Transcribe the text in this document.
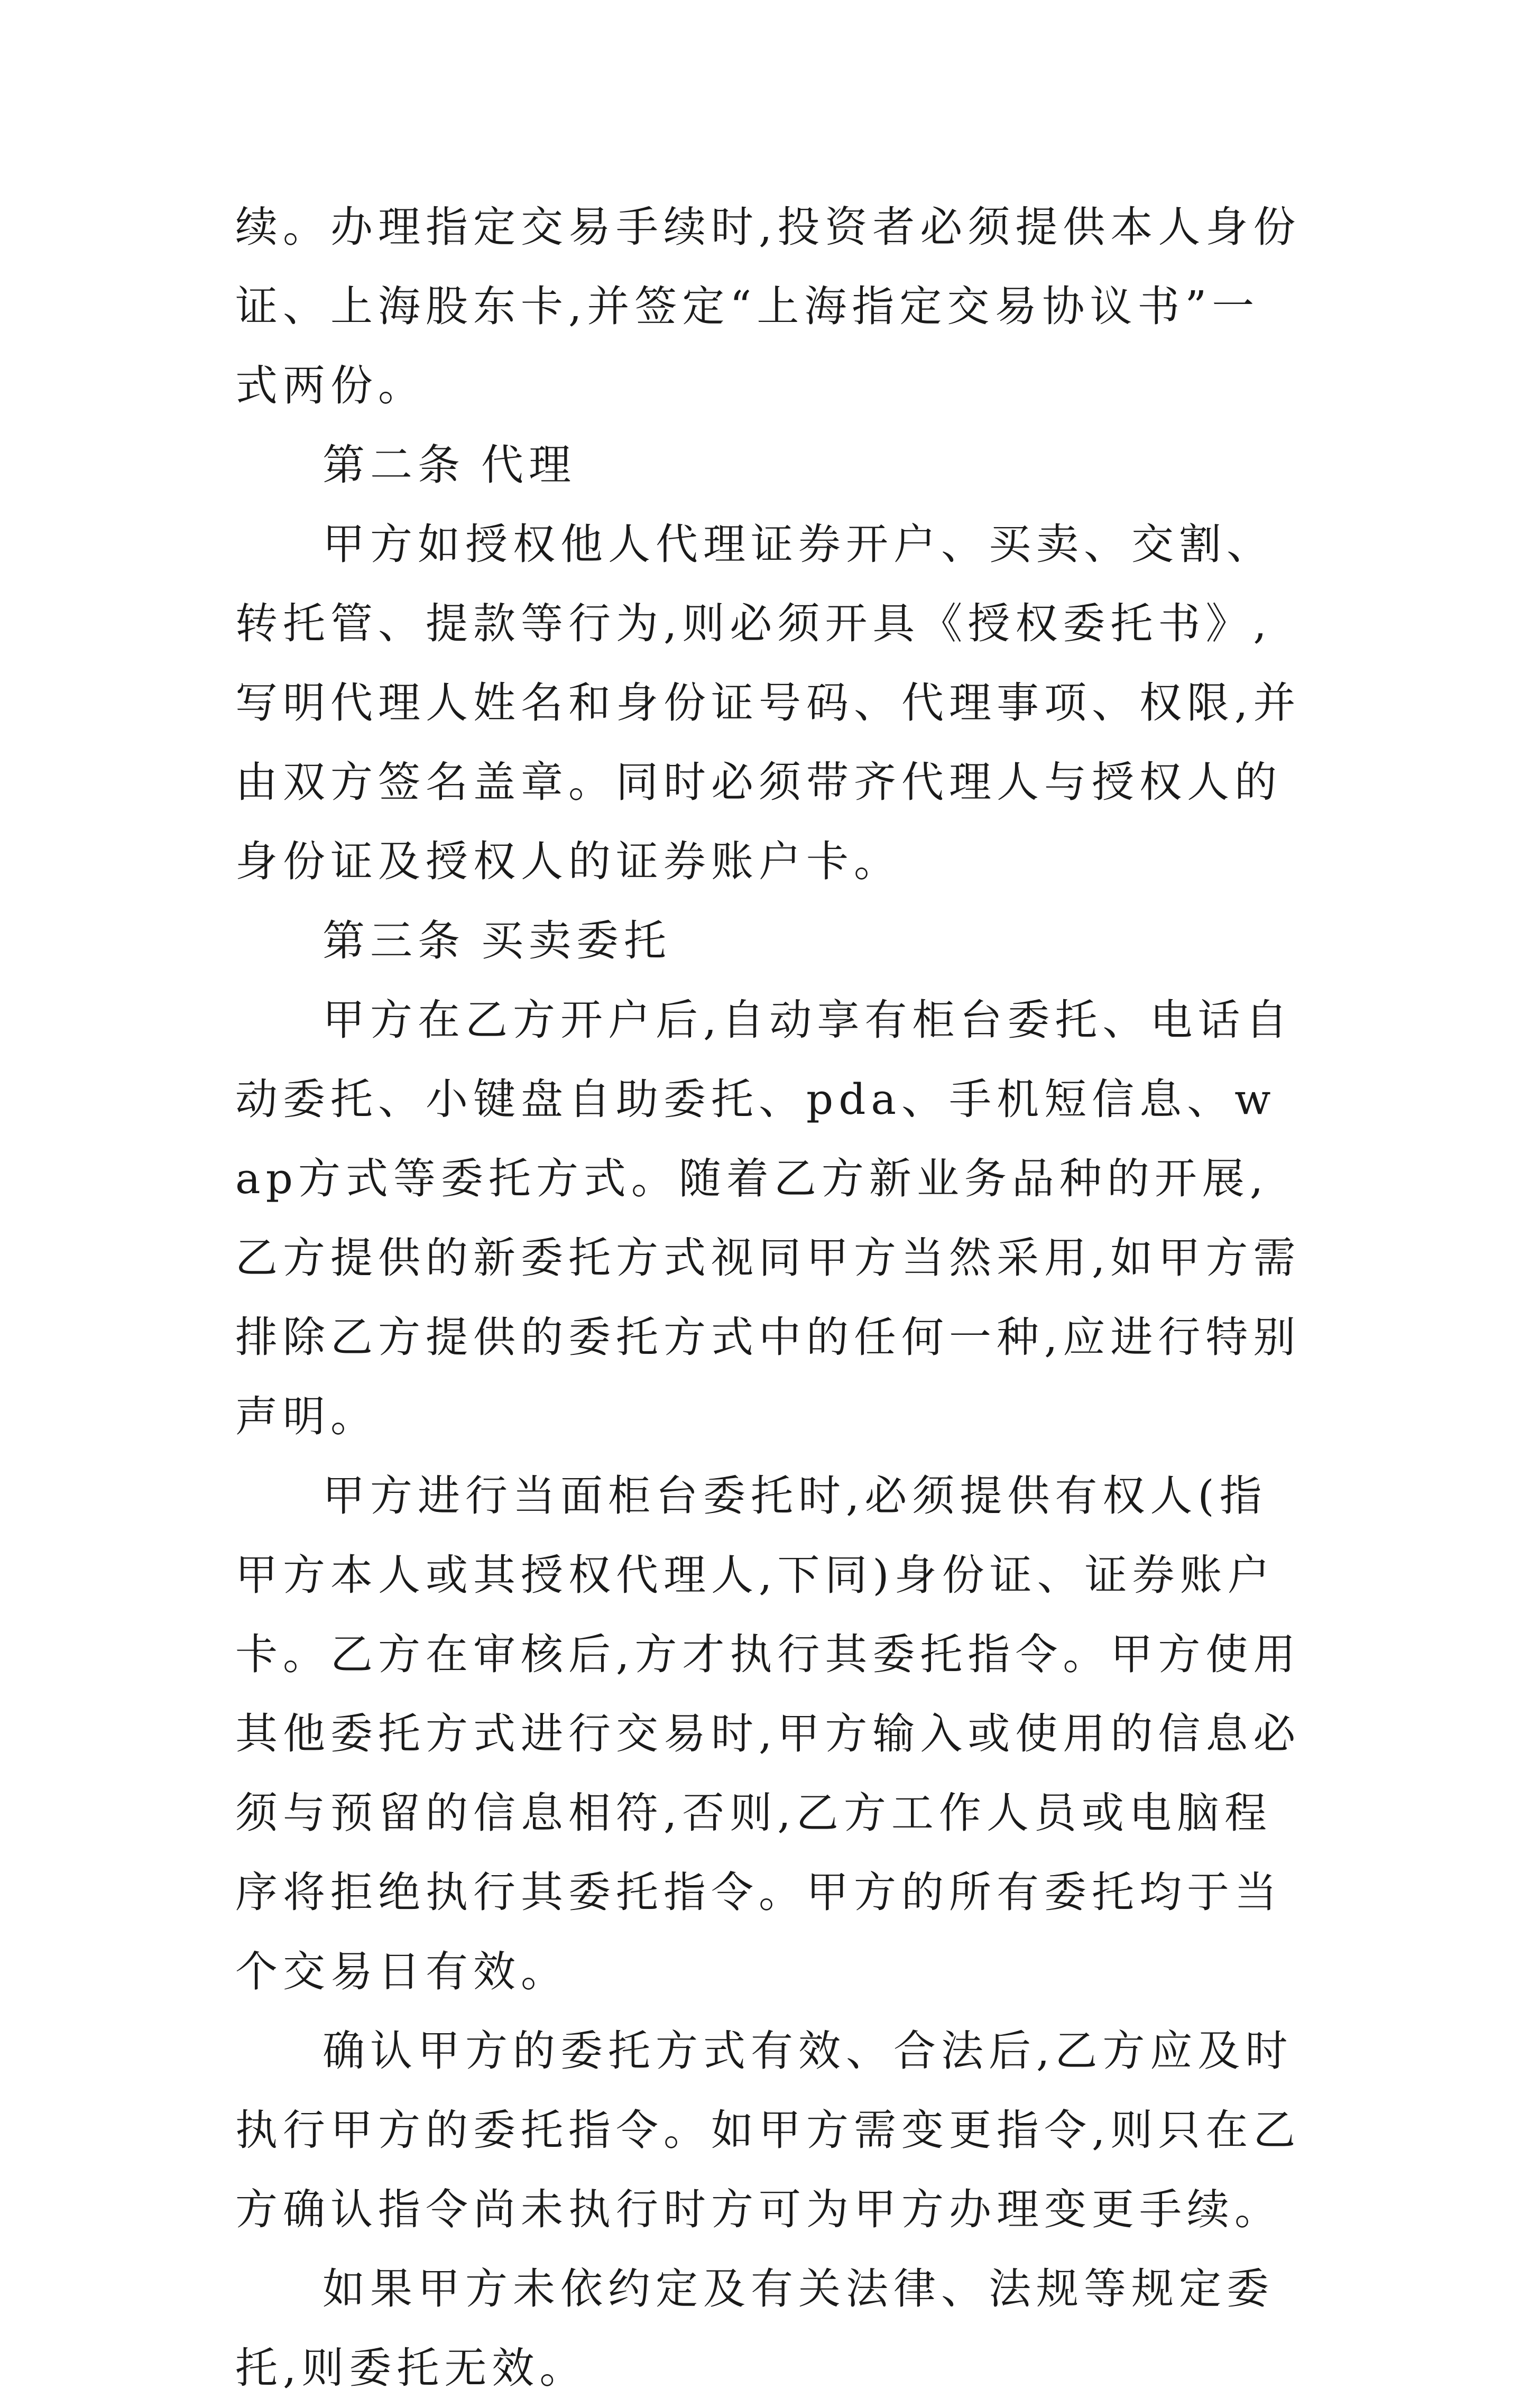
续。办理指定交易手续时,投资者必须提供本人身份证、上海股东卡,并签定“上海指定交易协议书”一式两份。

第二条 代理

甲方如授权他人代理证券开户、买卖、交割、转托管、提款等行为,则必须开具《授权委托书》,写明代理人姓名和身份证号码、代理事项、权限,并由双方签名盖章。同时必须带齐代理人与授权人的身份证及授权人的证券账户卡。

第三条 买卖委托

甲方在乙方开户后,自动享有柜台委托、电话自动委托、小键盘自助委托、pda、手机短信息、wap方式等委托方式。随着乙方新业务品种的开展,乙方提供的新委托方式视同甲方当然采用,如甲方需排除乙方提供的委托方式中的任何一种,应进行特别声明。

甲方进行当面柜台委托时,必须提供有权人(指甲方本人或其授权代理人,下同)身份证、证券账户卡。乙方在审核后,方才执行其委托指令。甲方使用其他委托方式进行交易时,甲方输入或使用的信息必须与预留的信息相符,否则,乙方工作人员或电脑程序将拒绝执行其委托指令。甲方的所有委托均于当个交易日有效。

确认甲方的委托方式有效、合法后,乙方应及时执行甲方的委托指令。如甲方需变更指令,则只在乙方确认指令尚未执行时方可为甲方办理变更手续。

如果甲方未依约定及有关法律、法规等规定委托,则委托无效。
